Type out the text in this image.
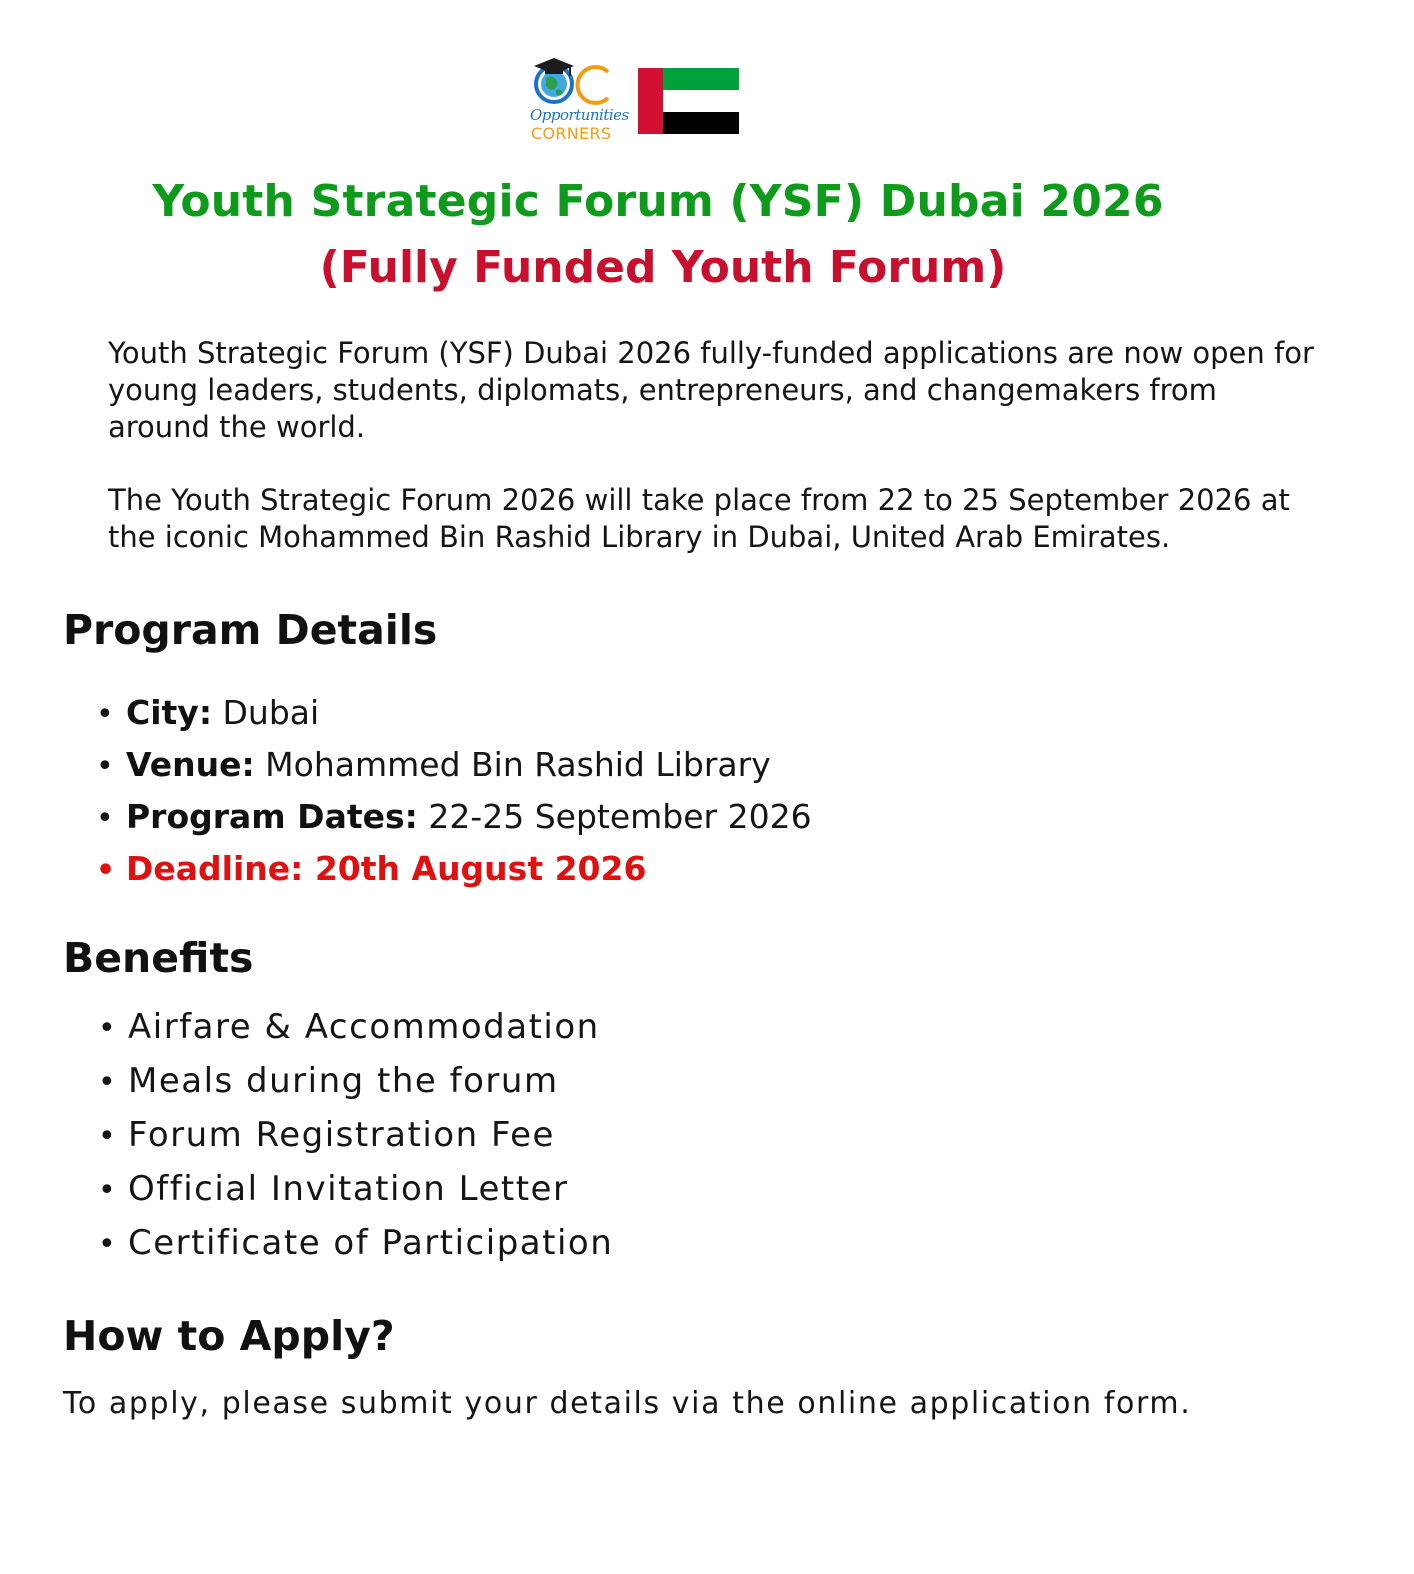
Opportunities
CORNERS
Youth Strategic Forum (YSF) Dubai 2026
(Fully Funded Youth Forum)

Youth Strategic Forum (YSF) Dubai 2026 fully-funded applications are now open for young leaders, students, diplomats, entrepreneurs, and changemakers from around the world.

The Youth Strategic Forum 2026 will take place from 22 to 25 September 2026 at the iconic Mohammed Bin Rashid Library in Dubai, United Arab Emirates.

Program Details
• City: Dubai
• Venue: Mohammed Bin Rashid Library
• Program Dates: 22-25 September 2026
• Deadline: 20th August 2026
Benefits
• Airfare & Accommodation
• Meals during the forum
• Forum Registration Fee
• Official Invitation Letter
• Certificate of Participation
How to Apply?

To apply, please submit your details via the online application form.
